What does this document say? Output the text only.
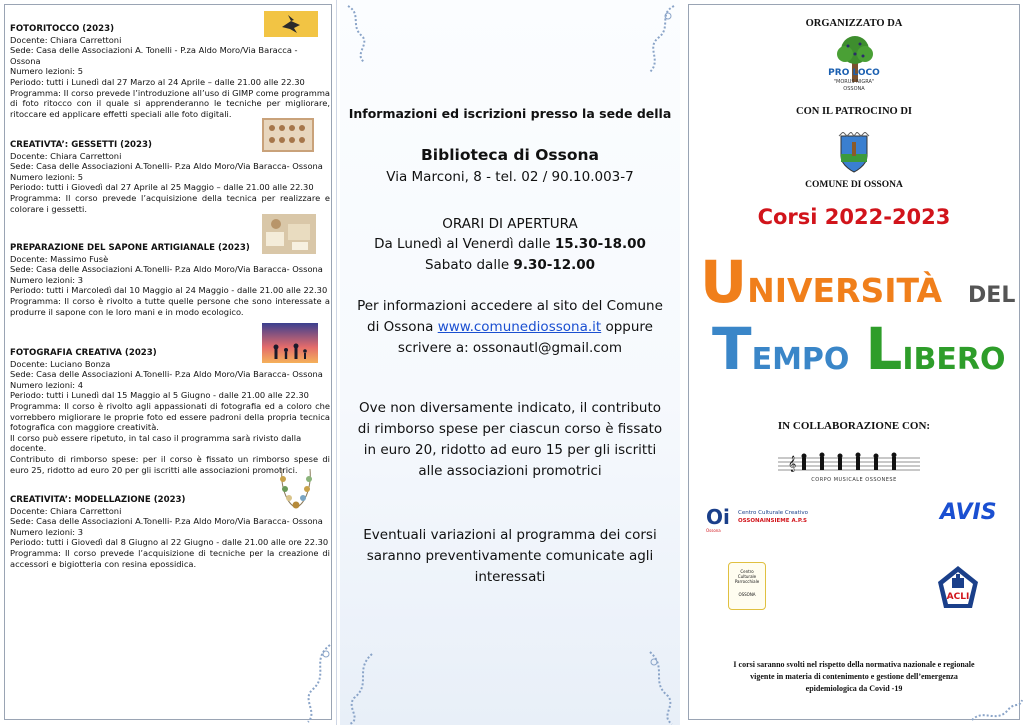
FOTORITOCCO (2023)
Docente: Chiara Carrettoni
Sede: Casa delle Associazioni A. Tonelli - P.za Aldo Moro/Via Baracca - Ossona
Numero lezioni: 5
Periodo: tutti i Lunedì dal 27 Marzo al 24 Aprile – dalle 21.00 alle 22.30
Programma: Il corso prevede l’introduzione all’uso di GIMP come programma di foto ritocco con il quale si apprenderanno le tecniche per migliorare, ritoccare ed applicare effetti speciali alle foto digitali.
CREATIVTA’: GESSETTI (2023)
Docente: Chiara Carrettoni
Sede: Casa delle Associazioni A.Tonelli- P.za Aldo Moro/Via Baracca- Ossona
Numero lezioni: 5
Periodo: tutti i Giovedì dal 27 Aprile al 25 Maggio – dalle 21.00 alle 22.30
Programma: Il corso prevede l’acquisizione della tecnica per realizzare e colorare i gessetti.
PREPARAZIONE DEL SAPONE ARTIGIANALE (2023)
Docente: Massimo Fusè
Sede: Casa delle Associazioni A.Tonelli- P.za Aldo Moro/Via Baracca- Ossona
Numero lezioni: 3
Periodo: tutti i Marcoledì dal 10 Maggio al 24 Maggio - dalle 21.00 alle 22.30
Programma: Il corso è rivolto a tutte quelle persone che sono interessate a produrre il sapone con le loro mani e in modo ecologico.
FOTOGRAFIA CREATIVA (2023)
Docente: Luciano Bonza
Sede: Casa delle Associazioni A.Tonelli- P.za Aldo Moro/Via Baracca- Ossona
Numero lezioni: 4
Periodo: tutti i Lunedì dal 15 Maggio al 5 Giugno - dalle 21.00 alle 22.30
Programma: Il corso è rivolto agli appassionati di fotografia ed a coloro che vorrebbero migliorare le proprie foto ed essere padroni della propria tecnica fotografica con maggiore creatività.
Il corso può essere ripetuto, in tal caso il programma sarà rivisto dalla docente.
Contributo di rimborso spese: per il corso è fissato un rimborso spese di euro 25, ridotto ad euro 20 per gli iscritti alle associazioni promotrici.
CREATIVITA’: MODELLAZIONE (2023)
Docente: Chiara Carrettoni
Sede: Casa delle Associazioni A.Tonelli- P.za Aldo Moro/Via Baracca- Ossona
Numero lezioni: 3
Periodo: tutti i Giovedì dal 8 Giugno al 22 Giugno - dalle 21.00 alle ore 22.30
Programma: Il corso prevede l’acquisizione di tecniche per la creazione di accessori e bigiotteria con resina epossidica.
Informazioni ed iscrizioni presso la sede della
Biblioteca di Ossona
Via Marconi, 8 - tel. 02 / 90.10.003-7
ORARI DI APERTURA
Da Lunedì al Venerdì dalle 15.30-18.00
Sabato dalle 9.30-12.00
Per informazioni accedere al sito del Comune
di Ossona www.comunediossona.it oppure
scrivere a: ossonautl@gmail.com
Ove non diversamente indicato, il contributo
di rimborso spese per ciascun corso è fissato
in euro 20, ridotto ad euro 15 per gli iscritti
alle associazioni promotrici
Eventuali variazioni al programma dei corsi
saranno preventivamente comunicate agli
interessati
ORGANIZZATO DA
PRO LOCO
"MORUS NIGRA"
OSSONA
CON IL PATROCINO DI
COMUNE DI OSSONA
Corsi 2022-2023
UNIVERSITÀ DEL
TEMPO LIBERO
IN COLLABORAZIONE CON:
𝄞
CORPO MUSICALE OSSONESE
Oi
Ossona
Centro Culturale Creativo
OSSONAINSIEME A.P.S	AVIS
Centro
Culturale
Parrocchiale
OSSONA	ACLI
I corsi saranno svolti nel rispetto della normativa nazionale e regionale
vigente in materia di contenimento e gestione dell’emergenza
epidemiologica da Covid -19
